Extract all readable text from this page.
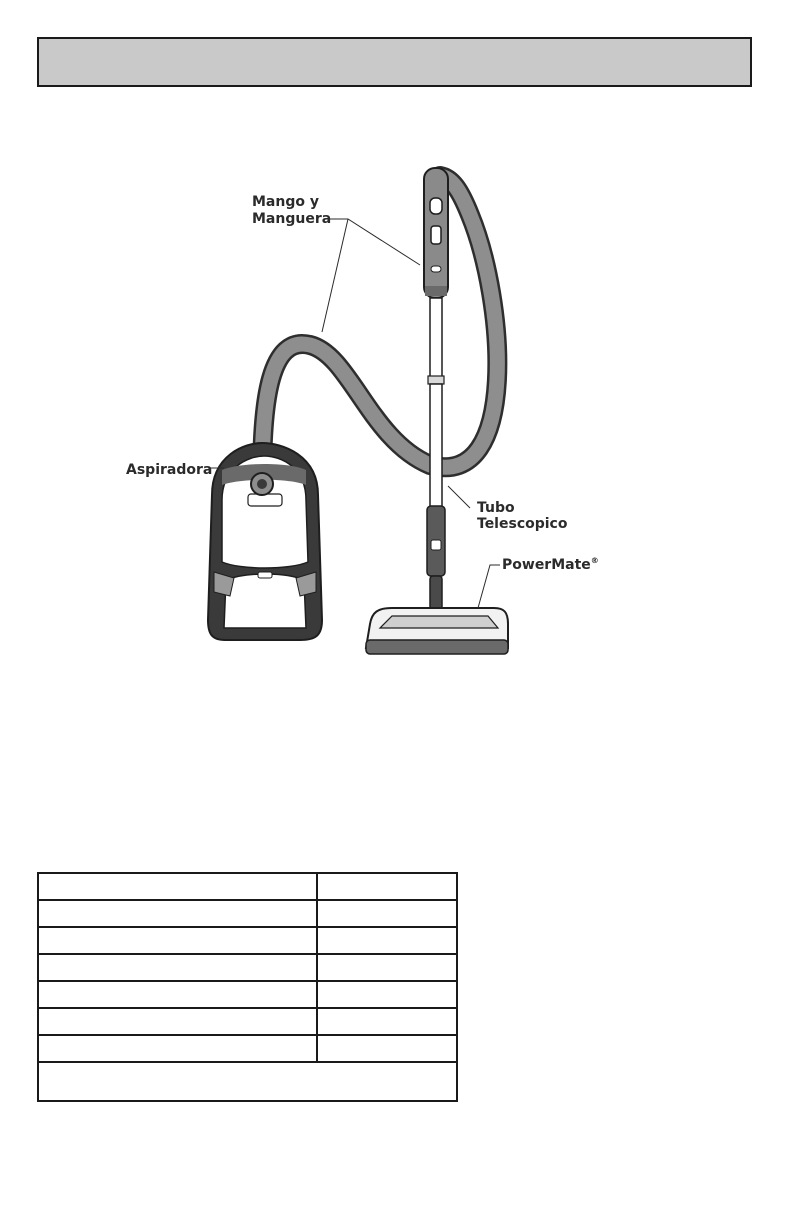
Mango y
Manguera
Aspiradora
Tubo
Telescopico
PowerMate®
